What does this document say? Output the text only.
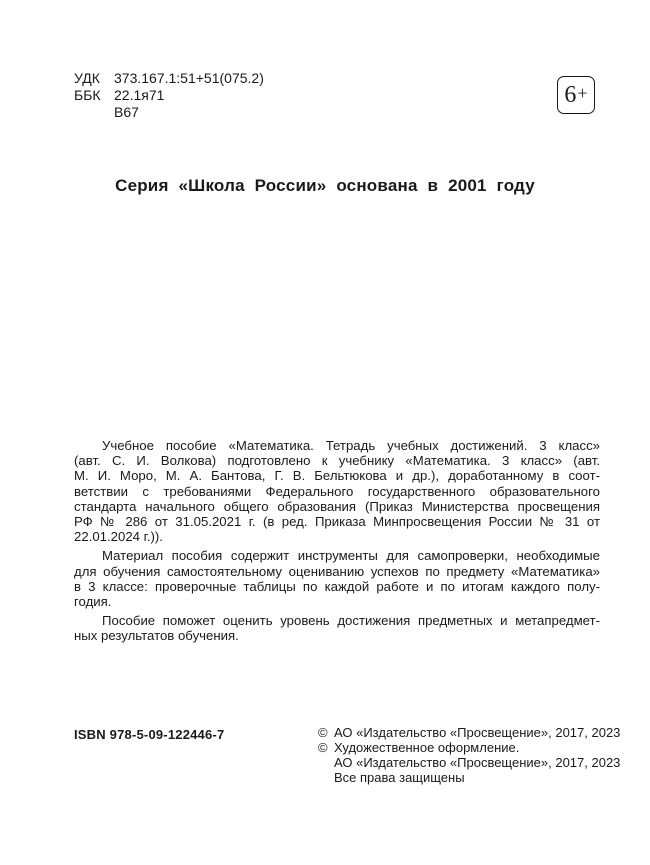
УДК	373.167.1:51+51(075.2)
ББК 22.1я71
В67
6 +
Серия «Школа России» основана в 2001 году
Учебное пособие «Математика. Тетрадь учебных достижений. 3 класс»
(авт. С. И. Волкова) подготовлено к учебнику «Математика. 3 класс» (авт.
М. И. Моро, М. А. Бантова, Г. В. Бельтюкова и др.), доработанному в соот-
ветствии с требованиями Федерального государственного образовательного
стандарта начального общего образования (Приказ Министерства просвещения
РФ № 286 от 31.05.2021 г. (в ред. Приказа Минпросвещения России № 31 от
22.01.2024 г.)).
Материал пособия содержит инструменты для самопроверки, необходимые
для обучения самостоятельному оцениванию успехов по предмету «Математика»
в 3 классе: проверочные таблицы по каждой работе и по итогам каждого полу-
годия.
Пособие поможет оценить уровень достижения предметных и метапредмет-
ных результатов обучения.
ISBN 978-5-09-122446-7	© АО «Издательство «Просвещение», 2017, 2023
© Художественное оформление.
АО «Издательство «Просвещение», 2017, 2023
Все права защищены
